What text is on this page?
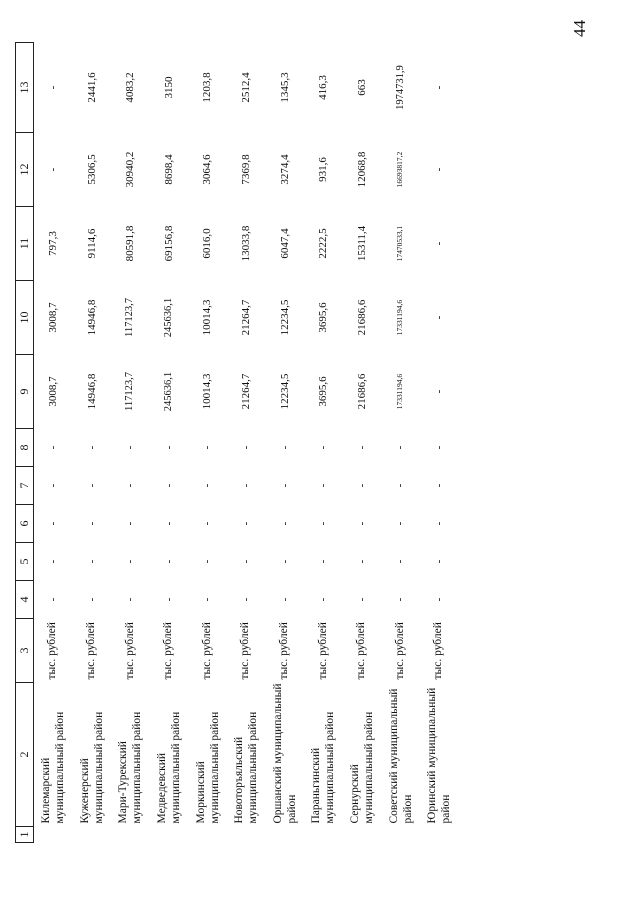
44
1	2	3	4	5	6	7	8	9	10	11	12	13
	Килемарский муниципальный район	тыс. рублей	-	-	-	-	-	3008,7	3008,7	797,3	-	-
	Куженерский муниципальный район	тыс. рублей	-	-	-	-	-	14946,8	14946,8	9114,6	5306,5	2441,6
	Мари-Турекский муниципальный район	тыс. рублей	-	-	-	-	-	117123,7	117123,7	80591,8	30940,2	4083,2
	Медведевский муниципальный район	тыс. рублей	-	-	-	-	-	245636,1	245636,1	69156,8	8698,4	3150
	Моркинский муниципальный район	тыс. рублей	-	-	-	-	-	10014,3	10014,3	6016,0	3064,6	1203,8
	Новоторъяльский муниципальный район	тыс. рублей	-	-	-	-	-	21264,7	21264,7	13033,8	7369,8	2512,4
	Оршанский муниципальный район	тыс. рублей	-	-	-	-	-	12234,5	12234,5	6047,4	3274,4	1345,3
	Параньгинский муниципальный район	тыс. рублей	-	-	-	-	-	3695,6	3695,6	2222,5	931,6	416,3
	Сернурский муниципальный район	тыс. рублей	-	-	-	-	-	21686,6	21686,6	15311,4	12068,8	663
	Советский муниципальный район	тыс. рублей	-	-	-	-	-	17331194,6	17331194,6	17470533,1	16693817,2	1974731,9
	Юринский муниципальный район	тыс. рублей	-	-	-	-	-	-	-	-	-	-
